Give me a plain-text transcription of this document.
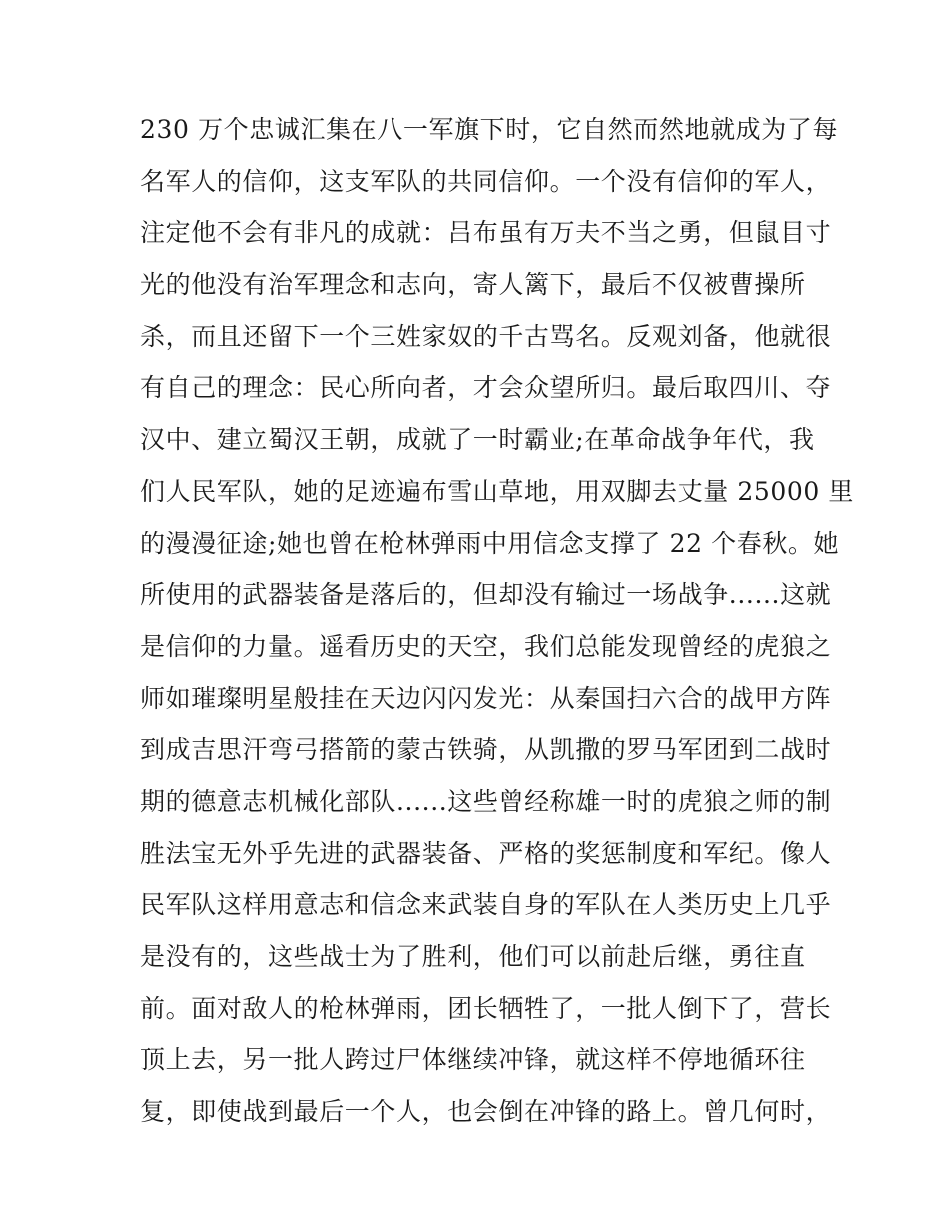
230 万个忠诚汇集在八一军旗下时，它自然而然地就成为了每
名军人的信仰，这支军队的共同信仰。一个没有信仰的军人，
注定他不会有非凡的成就：吕布虽有万夫不当之勇，但鼠目寸
光的他没有治军理念和志向，寄人篱下，最后不仅被曹操所
杀，而且还留下一个三姓家奴的千古骂名。反观刘备，他就很
有自己的理念：民心所向者，才会众望所归。最后取四川、夺
汉中、建立蜀汉王朝，成就了一时霸业;在革命战争年代，我
们人民军队，她的足迹遍布雪山草地，用双脚去丈量 25000 里
的漫漫征途;她也曾在枪林弹雨中用信念支撑了 22 个春秋。她
所使用的武器装备是落后的，但却没有输过一场战争......这就
是信仰的力量。遥看历史的天空，我们总能发现曾经的虎狼之
师如璀璨明星般挂在天边闪闪发光：从秦国扫六合的战甲方阵
到成吉思汗弯弓搭箭的蒙古铁骑，从凯撒的罗马军团到二战时
期的德意志机械化部队......这些曾经称雄一时的虎狼之师的制
胜法宝无外乎先进的武器装备、严格的奖惩制度和军纪。像人
民军队这样用意志和信念来武装自身的军队在人类历史上几乎
是没有的，这些战士为了胜利，他们可以前赴后继，勇往直
前。面对敌人的枪林弹雨，团长牺牲了，一批人倒下了，营长
顶上去，另一批人跨过尸体继续冲锋，就这样不停地循环往
复，即使战到最后一个人，也会倒在冲锋的路上。曾几何时，
